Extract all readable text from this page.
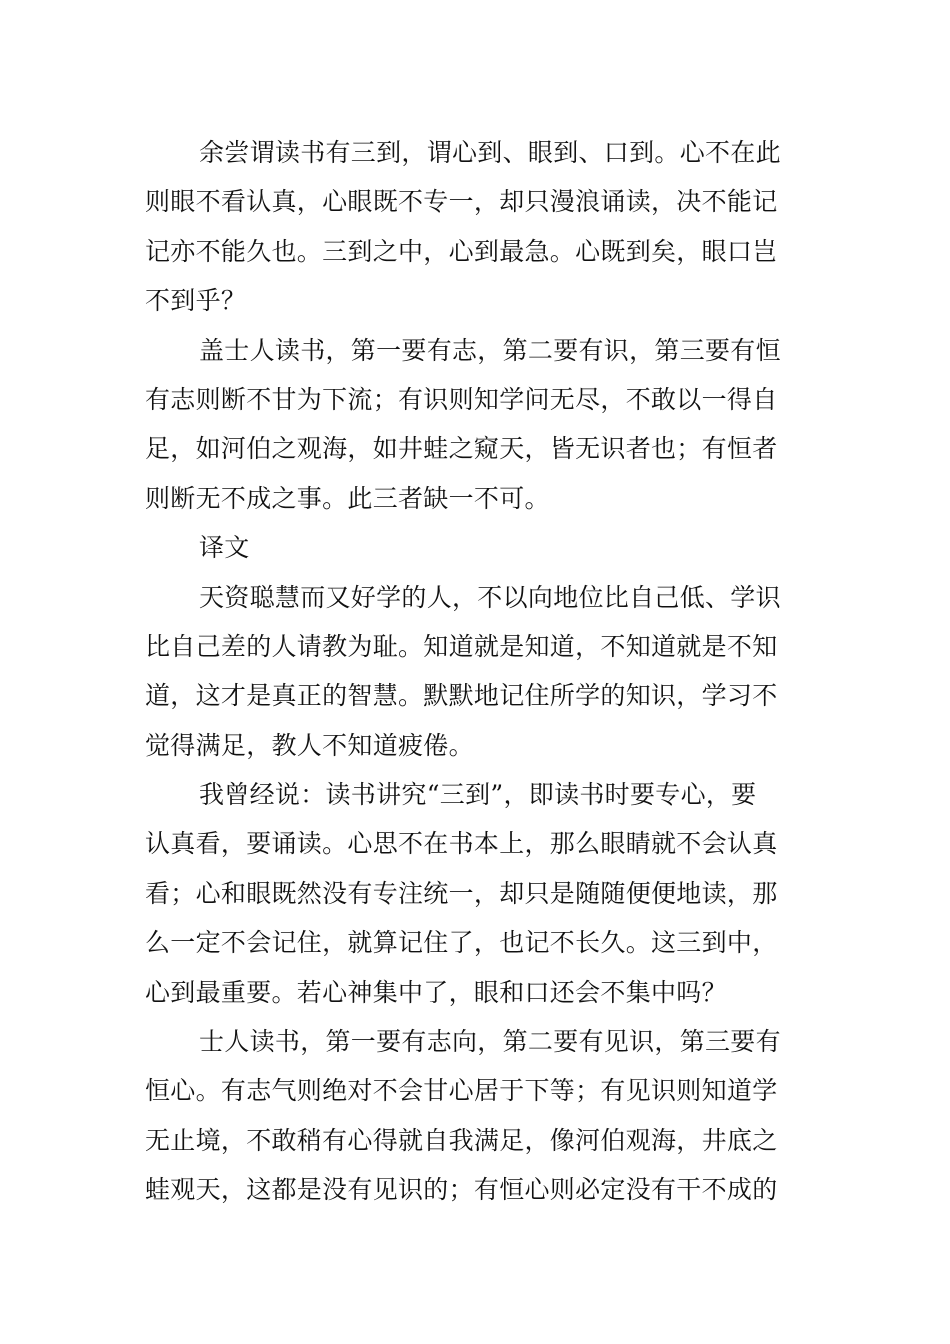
余尝谓读书有三到，谓心到、眼到、口到。心不在此
则眼不看认真，心眼既不专一，却只漫浪诵读，决不能记
记亦不能久也。三到之中，心到最急。心既到矣，眼口岂
不到乎？
盖士人读书，第一要有志，第二要有识，第三要有恒
有志则断不甘为下流；有识则知学问无尽，不敢以一得自
足，如河伯之观海，如井蛙之窥天，皆无识者也；有恒者
则断无不成之事。此三者缺一不可。
译文
天资聪慧而又好学的人，不以向地位比自己低、学识
比自己差的人请教为耻。知道就是知道，不知道就是不知
道，这才是真正的智慧。默默地记住所学的知识，学习不
觉得满足，教人不知道疲倦。
我曾经说：读书讲究“三到”，即读书时要专心，要
认真看，要诵读。心思不在书本上，那么眼睛就不会认真
看；心和眼既然没有专注统一，却只是随随便便地读，那
么一定不会记住，就算记住了，也记不长久。这三到中，
心到最重要。若心神集中了，眼和口还会不集中吗？
士人读书，第一要有志向，第二要有见识，第三要有
恒心。有志气则绝对不会甘心居于下等；有见识则知道学
无止境，不敢稍有心得就自我满足，像河伯观海，井底之
蛙观天，这都是没有见识的；有恒心则必定没有干不成的
